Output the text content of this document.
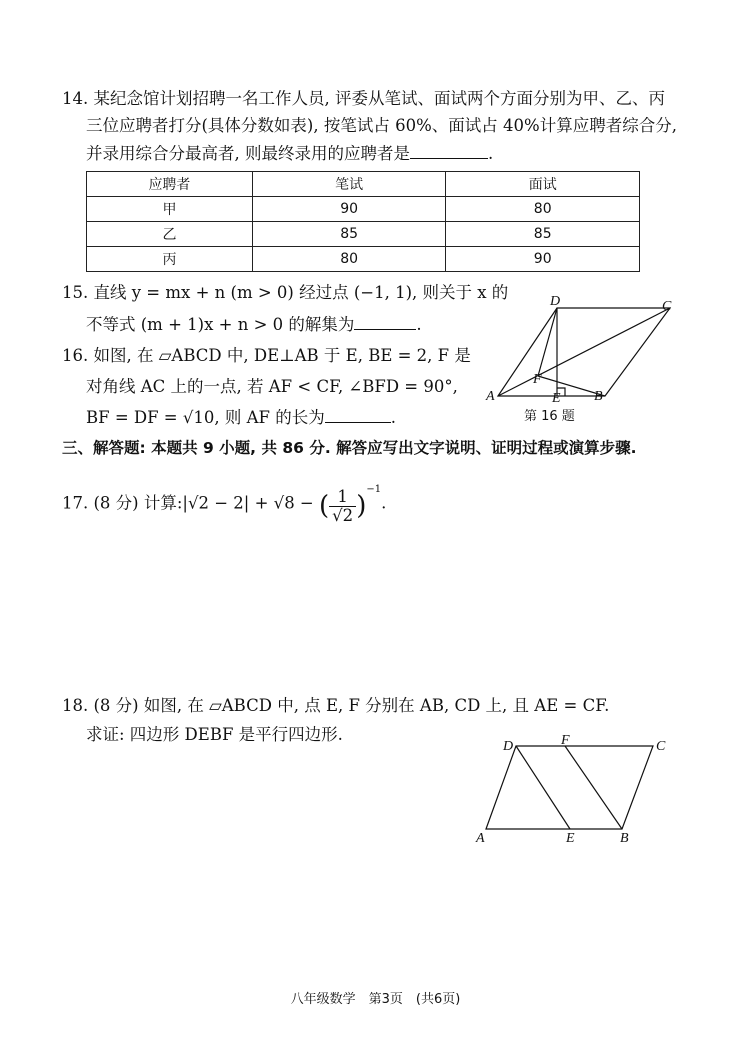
14. 某纪念馆计划招聘一名工作人员, 评委从笔试、面试两个方面分别为甲、乙、丙
三位应聘者打分(具体分数如表), 按笔试占 60%、面试占 40%计算应聘者综合分,
并录用综合分最高者, 则最终录用的应聘者是	.
应聘者	笔试	面试
甲	90	80
乙	85	85
丙	80	90
15. 直线 y = mx + n (m > 0) 经过点 (−1, 1), 则关于 x 的
不等式 (m + 1)x + n > 0 的解集为	.
16. 如图, 在 ▱ABCD 中, DE⊥AB 于 E, BE = 2, F 是
对角线 AC 上的一点, 若 AF < CF, ∠BFD = 90°,
BF = DF = √10, 则 AF 的长为	.
D	C
F
A	E B
第 16 题
三、解答题: 本题共 9 小题, 共 86 分. 解答应写出文字说明、证明过程或演算步骤.
17. (8 分) 计算:|√2 − 2| + √8 − ( $\frac{1}{√2} )^{-1}$.
18. (8 分) 如图, 在 ▱ABCD 中, 点 E, F 分别在 AB, CD 上, 且 AE = CF.
求证: 四边形 DEBF 是平行四边形.
D	F	C
A	E	B
八年级数学　第3页　(共6页)
